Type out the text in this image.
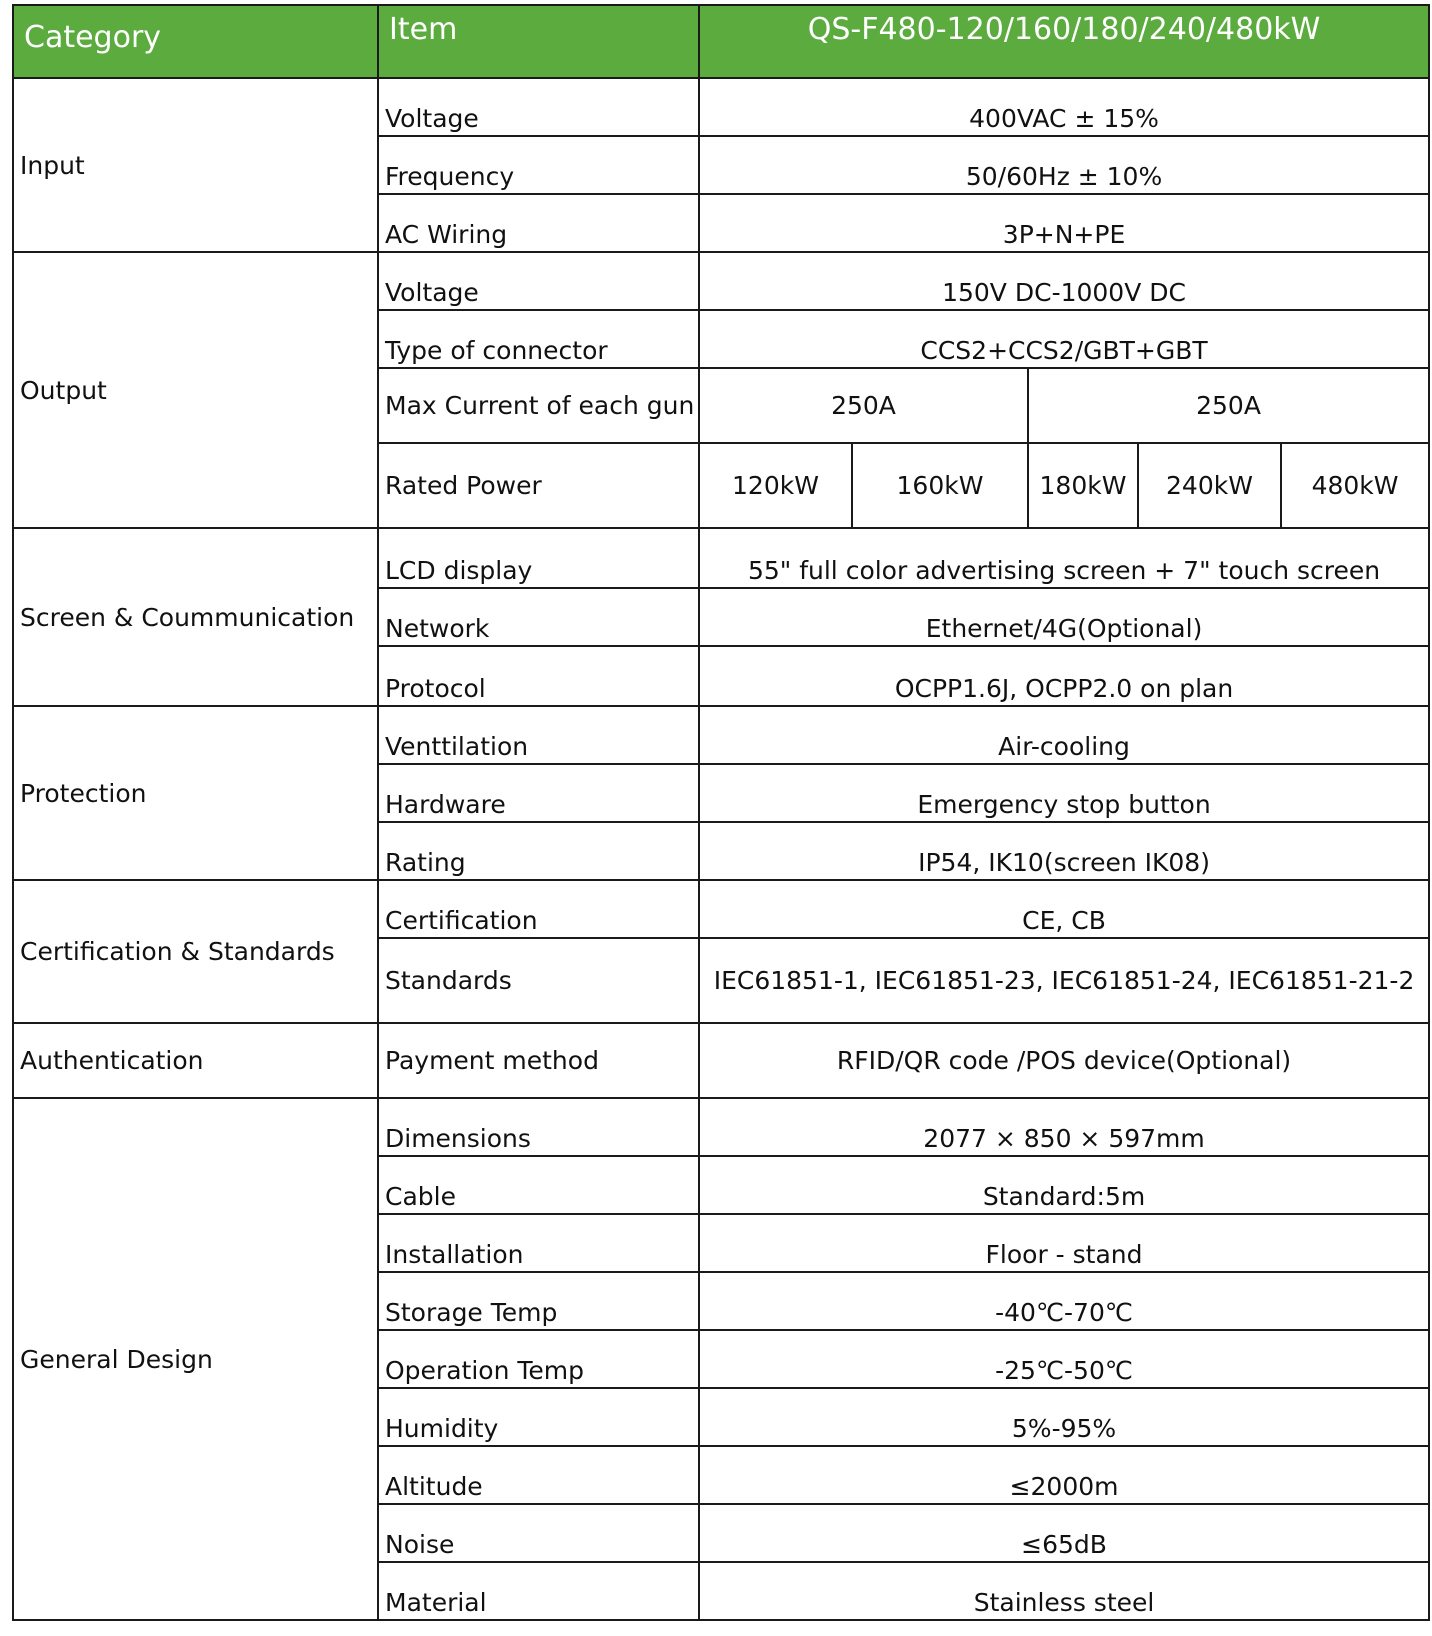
Category	Item	QS-F480-120/160/180/240/480kW				
Input	Voltage	400VAC ± 15%				
	Frequency	50/60Hz ± 10%				
	AC Wiring	3P+N+PE				
Output	Voltage	150V DC-1000V DC				
	Type of connector	CCS2+CCS2/GBT+GBT				
	Max Current of each gun	250A		250A		
	Rated Power	120kW	160kW	180kW	240kW	480kW
Screen & Coummunication	LCD display	55" full color advertising screen + 7" touch screen				
	Network	Ethernet/4G(Optional)				
	Protocol	OCPP1.6J, OCPP2.0 on plan				
Protection	Venttilation	Air-cooling				
	Hardware	Emergency stop button				
	Rating	IP54, IK10(screen IK08)				
Certification & Standards	Certification	CE, CB				
	Standards	IEC61851-1, IEC61851-23, IEC61851-24, IEC61851-21-2				
Authentication	Payment method	RFID/QR code /POS device(Optional)				
General Design	Dimensions	2077 × 850 × 597mm				
	Cable	Standard:5m				
	Installation	Floor - stand				
	Storage Temp	-40℃-70℃				
	Operation Temp	-25℃-50℃				
	Humidity	5%-95%				
	Altitude	≤2000m				
	Noise	≤65dB				
	Material	Stainless steel				
